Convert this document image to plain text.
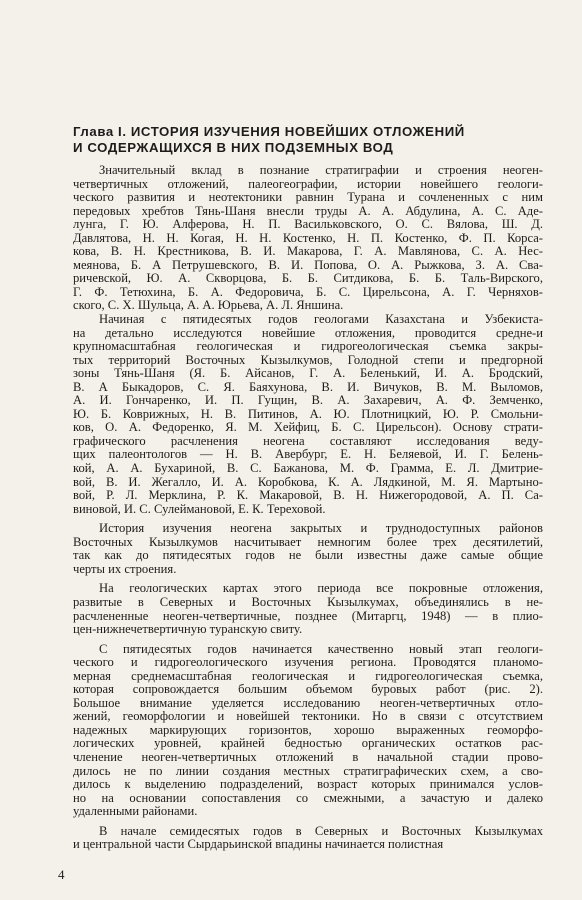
Глава I. ИСТОРИЯ ИЗУЧЕНИЯ НОВЕЙШИХ ОТЛОЖЕНИЙ
И СОДЕРЖАЩИХСЯ В НИХ ПОДЗЕМНЫХ ВОД
Значительный вклад в познание стратиграфии и строения неоген-
четвертичных отложений, палеогеографии, истории новейшего геологи-
ческого развития и неотектоники равнин Турана и сочлененных с ним
передовых хребтов Тянь-Шаня внесли труды А. А. Абдулина, А. С. Аде-
лунга, Г. Ю. Алферова, Н. П. Васильковского, О. С. Вялова, Ш. Д.
Давлятова, Н. Н. Когая, Н. Н. Костенко, Н. П. Костенко, Ф. П. Корса-
кова, В. Н. Крестникова, В. И. Макарова, Г. А. Мавлянова, С. А. Нес-
меянова, Б. А Петрушевского, В. И. Попова, О. А. Рыжкова, З. А. Сва-
ричевской, Ю. А. Скворцова, Б. Б. Ситдикова, Б. Б. Таль-Вирского,
Г. Ф. Тетюхина, Б. А. Федоровича, Б. С. Цирельсона, А. Г. Черняхов-
ского, С. Х. Шульца, А. А. Юрьева, А. Л. Яншина.
Начиная с пятидесятых годов геологами Казахстана и Узбекиста-
на детально исследуются новейшие отложения, проводится средне-и
крупномасштабная геологическая и гидрогеологическая съемка закры-
тых территорий Восточных Кызылкумов, Голодной степи и предгорной
зоны Тянь-Шаня (Я. Б. Айсанов, Г. А. Беленький, И. А. Бродский,
В. А Быкадоров, С. Я. Баяхунова, В. И. Вичуков, В. М. Выломов,
А. И. Гончаренко, И. П. Гущин, В. А. Захаревич, А. Ф. Земченко,
Ю. Б. Коврижных, Н. В. Питинов, А. Ю. Плотницкий, Ю. Р. Смольни-
ков, О. А. Федоренко, Я. М. Хейфиц, Б. С. Цирельсон). Основу страти-
графического расчленения неогена составляют исследования веду-
щих палеонтологов — Н. В. Авербург, Е. Н. Беляевой, И. Г. Белень-
кой, А. А. Бухариной, В. С. Бажанова, М. Ф. Грамма, Е. Л. Дмитрие-
вой, В. И. Жегалло, И. А. Коробкова, К. А. Лядкиной, М. Я. Мартыно-
вой, Р. Л. Мерклина, Р. К. Макаровой, В. Н. Нижегородовой, А. П. Са-
виновой, И. С. Сулеймановой, Е. К. Тереховой.
История изучения неогена закрытых и труднодоступных районов
Восточных Кызылкумов насчитывает немногим более трех десятилетий,
так как до пятидесятых годов не были известны даже самые общие
черты их строения.
На геологических картах этого периода все покровные отложения,
развитые в Северных и Восточных Кызылкумах, объединялись в не-
расчлененные неоген-четвертичные, позднее (Митаргц, 1948) — в плио-
цен-нижнечетвертичную туранскую свиту.
С пятидесятых годов начинается качественно новый этап геологи-
ческого и гидрогеологического изучения региона. Проводятся планомо-
мерная среднемасштабная геологическая и гидрогеологическая съемка,
которая сопровождается большим объемом буровых работ (рис. 2).
Большое внимание уделяется исследованию неоген-четвертичных отло-
жений, геоморфологии и новейшей тектоники. Но в связи с отсутствием
надежных маркирующих горизонтов, хорошо выраженных геоморфо-
логических уровней, крайней бедностью органических остатков рас-
членение неоген-четвертичных отложений в начальной стадии прово-
дилось не по линии создания местных стратиграфических схем, а сво-
дилось к выделению подразделений, возраст которых принимался услов-
но на основании сопоставления со смежными, а зачастую и далеко
удаленными районами.
В начале семидесятых годов в Северных и Восточных Кызылкумах
и центральной части Сырдарьинской впадины начинается полистная

4
